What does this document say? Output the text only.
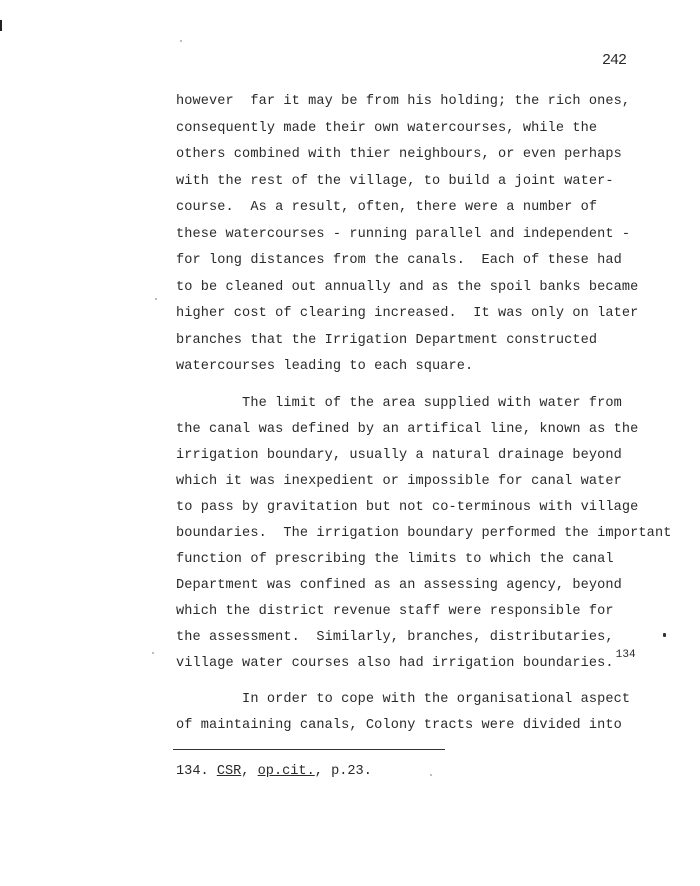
242
however  far it may be from his holding; the rich ones,
consequently made their own watercourses, while the
others combined with thier neighbours, or even perhaps
with the rest of the village, to build a joint water-
course.  As a result, often, there were a number of
these watercourses - running parallel and independent -
for long distances from the canals.  Each of these had
to be cleaned out annually and as the spoil banks became
higher cost of clearing increased.  It was only on later
branches that the Irrigation Department constructed
watercourses leading to each square.
The limit of the area supplied with water from
the canal was defined by an artifical line, known as the
irrigation boundary, usually a natural drainage beyond
which it was inexpedient or impossible for canal water
to pass by gravitation but not co-terminous with village
boundaries.  The irrigation boundary performed the important
function of prescribing the limits to which the canal
Department was confined as an assessing agency, beyond
which the district revenue staff were responsible for
the assessment.  Similarly, branches, distributaries,
village water courses also had irrigation boundaries.$^{134}$
In order to cope with the organisational aspect
of maintaining canals, Colony tracts were divided into
134. CSR, op.cit., p.23.
